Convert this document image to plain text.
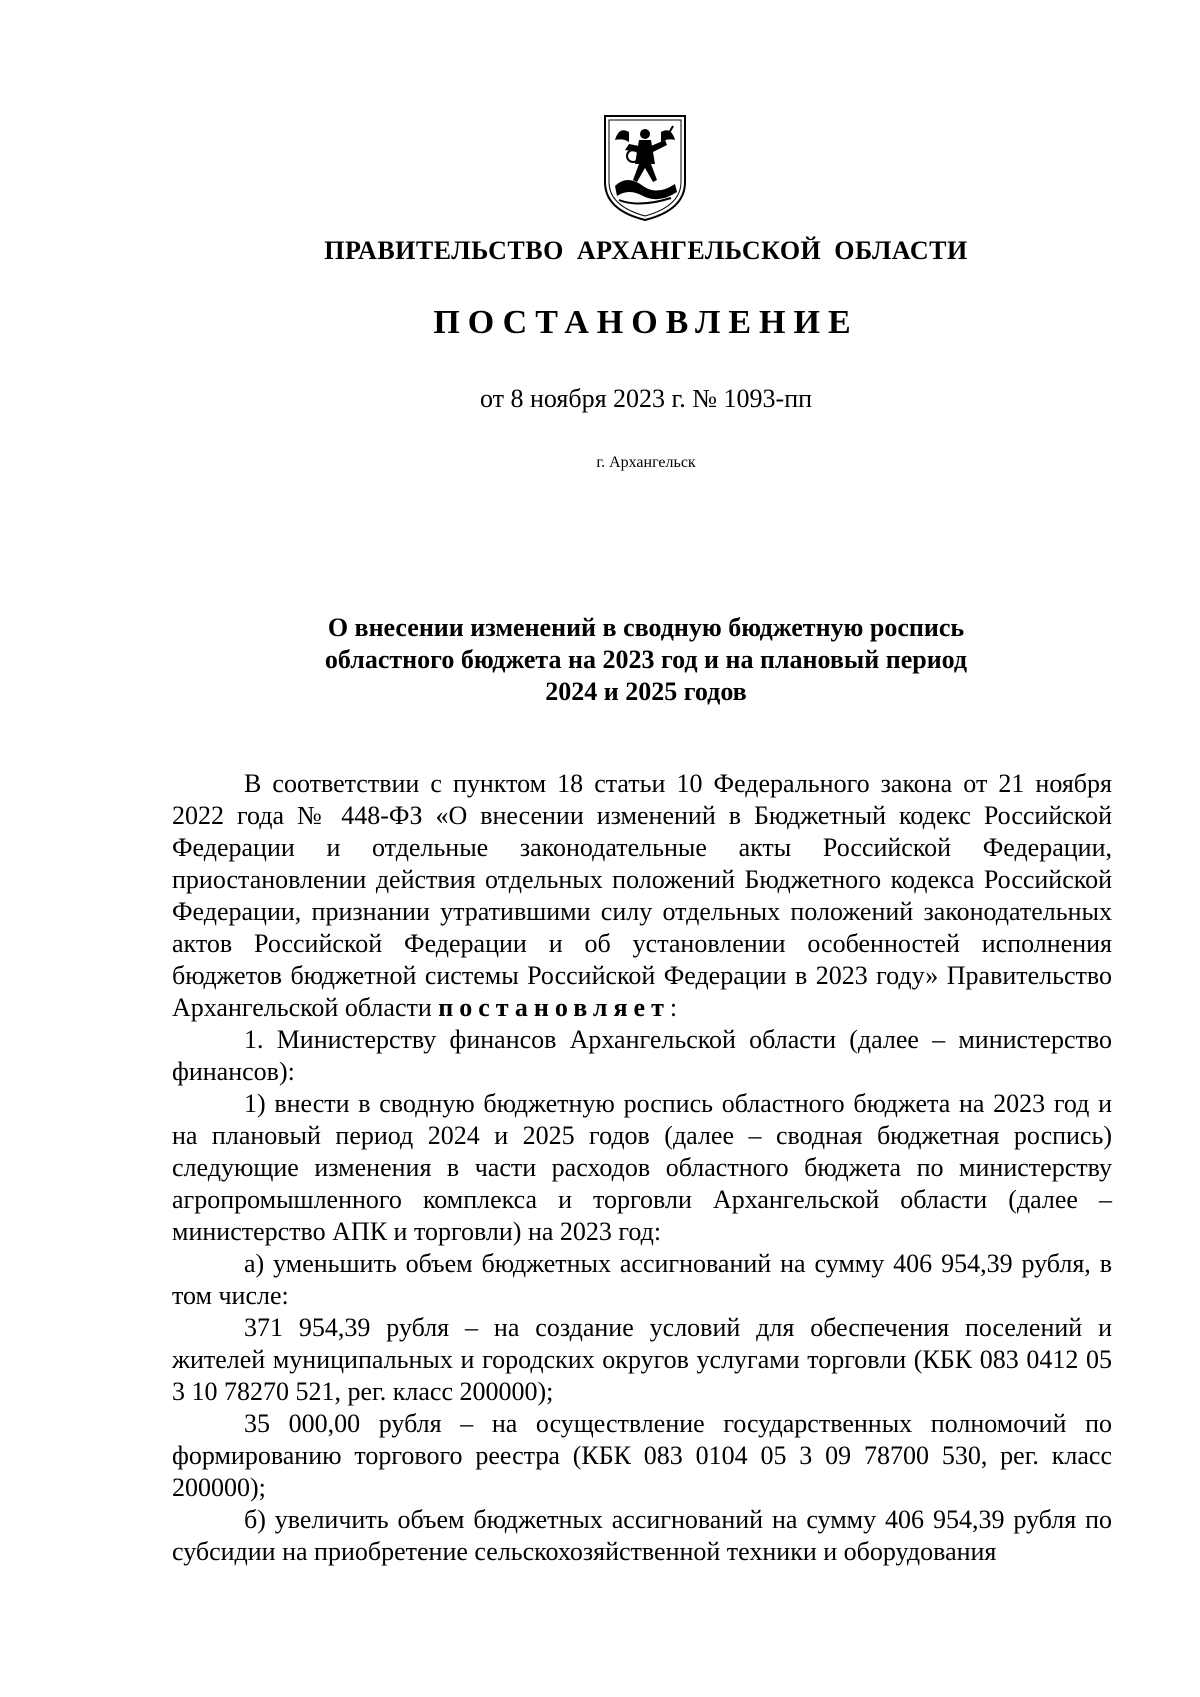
ПРАВИТЕЛЬСТВО АРХАНГЕЛЬСКОЙ ОБЛАСТИ
ПОСТАНОВЛЕНИЕ
от 8 ноября 2023 г. № 1093-пп
г. Архангельск
О внесении изменений в сводную бюджетную роспись
областного бюджета на 2023 год и на плановый период
2024 и 2025 годов

В соответствии с пунктом 18 статьи 10 Федерального закона от 21 ноября 2022 года № 448-ФЗ «О внесении изменений в Бюджетный кодекс Российской Федерации и отдельные законодательные акты Российской Федерации, приостановлении действия отдельных положений Бюджетного кодекса Российской Федерации, признании утратившими силу отдельных положений законодательных актов Российской Федерации и об установлении особенностей исполнения бюджетов бюджетной системы Российской Федерации в 2023 году» Правительство Архангельской области постановляет:

1. Министерству финансов Архангельской области (далее – министерство финансов):

1) внести в сводную бюджетную роспись областного бюджета на 2023 год и на плановый период 2024 и 2025 годов (далее – сводная бюджетная роспись) следующие изменения в части расходов областного бюджета по министерству агропромышленного комплекса и торговли Архангельской области (далее – министерство АПК и торговли) на 2023 год:

а) уменьшить объем бюджетных ассигнований на сумму 406 954,39 рубля, в том числе:

371 954,39 рубля – на создание условий для обеспечения поселений и жителей муниципальных и городских округов услугами торговли (КБК 083 0412 05 3 10 78270 521, рег. класс 200000);

35 000,00 рубля – на осуществление государственных полномочий по формированию торгового реестра (КБК 083 0104 05 3 09 78700 530, рег. класс 200000);

б) увеличить объем бюджетных ассигнований на сумму 406 954,39 рубля по субсидии на приобретение сельскохозяйственной техники и оборудования
